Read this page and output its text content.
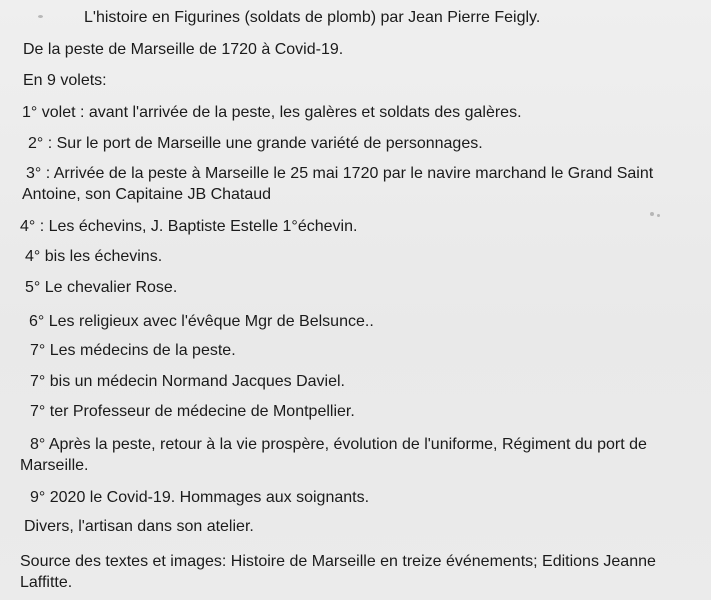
L'histoire en Figurines (soldats de plomb) par Jean Pierre Feigly.
De la peste de Marseille de 1720 à Covid-19.
En 9 volets:
1° volet : avant l'arrivée de la peste, les galères et soldats des galères.
2° : Sur le port de Marseille une grande variété de personnages.
3° : Arrivée de la peste à Marseille le 25 mai 1720 par le navire marchand le Grand Saint Antoine, son Capitaine JB Chataud
4° : Les échevins, J. Baptiste Estelle 1°échevin.
4° bis les échevins.
5° Le chevalier Rose.
6° Les religieux avec l'évêque Mgr de Belsunce..
7° Les médecins de la peste.
7° bis un médecin Normand Jacques Daviel.
7° ter Professeur de médecine de Montpellier.
8° Après la peste, retour à la vie prospère, évolution de l'uniforme, Régiment du port de Marseille.
9° 2020 le Covid-19. Hommages aux soignants.
Divers, l'artisan dans son atelier.
Source des textes et images: Histoire de Marseille en treize événements; Editions Jeanne Laffitte.
